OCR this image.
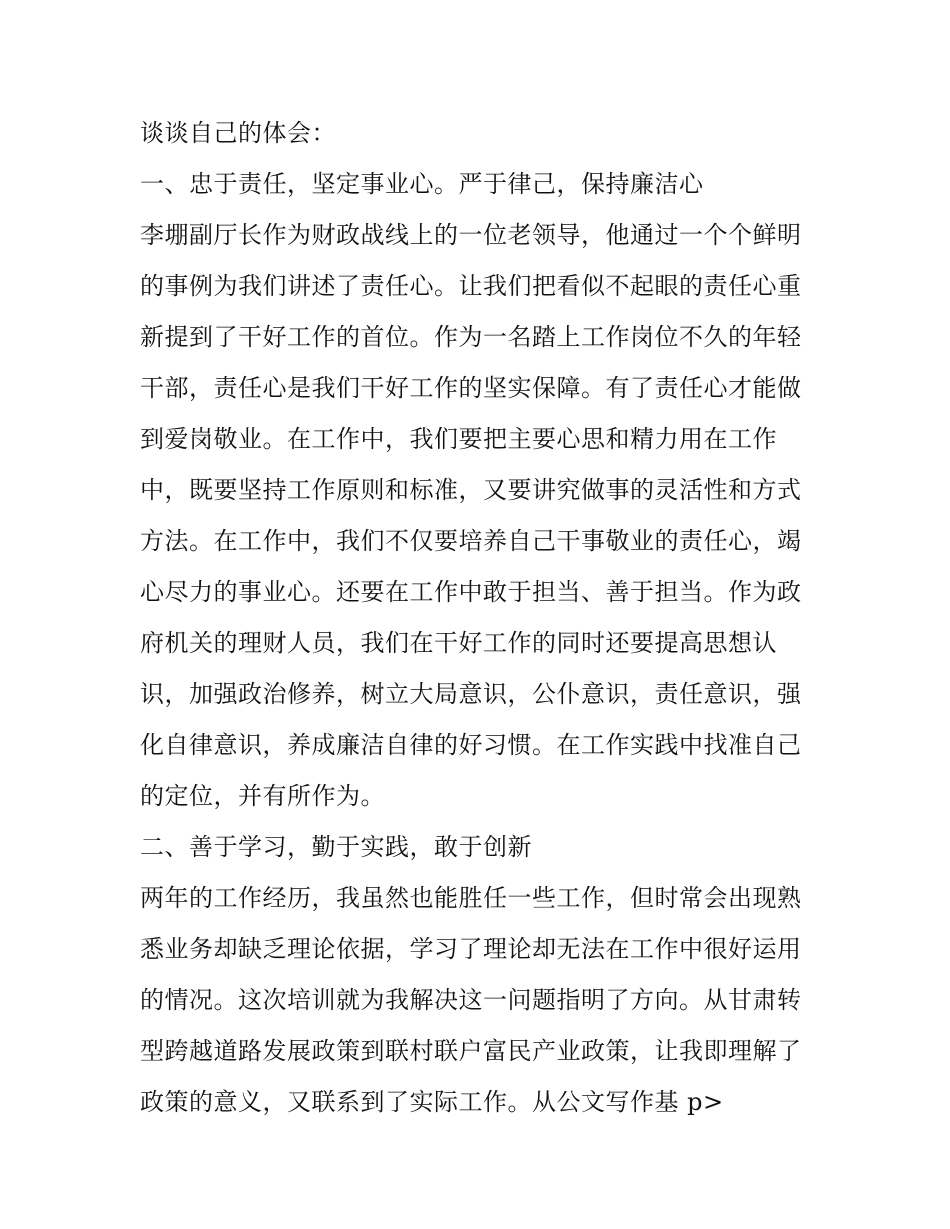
谈谈自己的体会：
一、忠于责任，坚定事业心。严于律己，保持廉洁心
李堋副厅长作为财政战线上的一位老领导，他通过一个个鲜明
的事例为我们讲述了责任心。让我们把看似不起眼的责任心重
新提到了干好工作的首位。作为一名踏上工作岗位不久的年轻
干部，责任心是我们干好工作的坚实保障。有了责任心才能做
到爱岗敬业。在工作中，我们要把主要心思和精力用在工作
中，既要坚持工作原则和标准，又要讲究做事的灵活性和方式
方法。在工作中，我们不仅要培养自己干事敬业的责任心，竭
心尽力的事业心。还要在工作中敢于担当、善于担当。作为政
府机关的理财人员，我们在干好工作的同时还要提高思想认
识，加强政治修养，树立大局意识，公仆意识，责任意识，强
化自律意识，养成廉洁自律的好习惯。在工作实践中找准自己
的定位，并有所作为。
二、善于学习，勤于实践，敢于创新
两年的工作经历，我虽然也能胜任一些工作，但时常会出现熟
悉业务却缺乏理论依据，学习了理论却无法在工作中很好运用
的情况。这次培训就为我解决这一问题指明了方向。从甘肃转
型跨越道路发展政策到联村联户富民产业政策，让我即理解了
政策的意义，又联系到了实际工作。从公文写作基 p>
